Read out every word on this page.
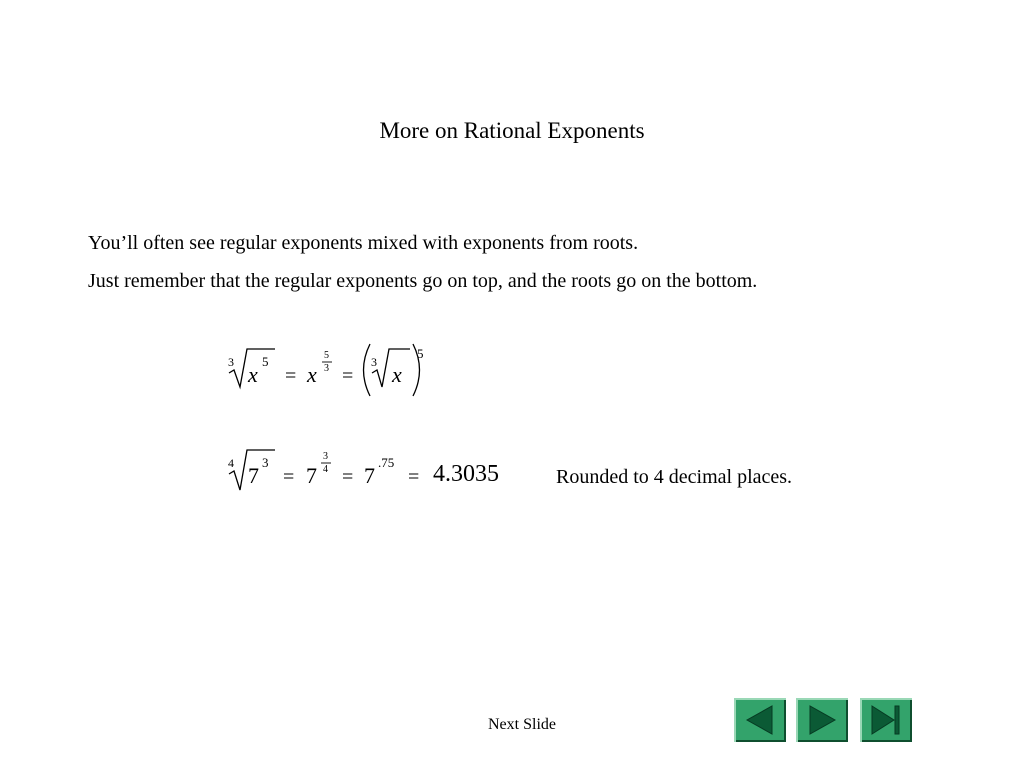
More on Rational Exponents
You’ll often see regular exponents mixed with exponents from roots.
Just remember that the regular exponents go on top, and the roots go on the bottom.
3 x
5
= x
5
3 =
3 x
5
4 7
3
= 7
3
4 = 7
.75
= 4.3035	Rounded to 4 decimal places.
Next Slide
